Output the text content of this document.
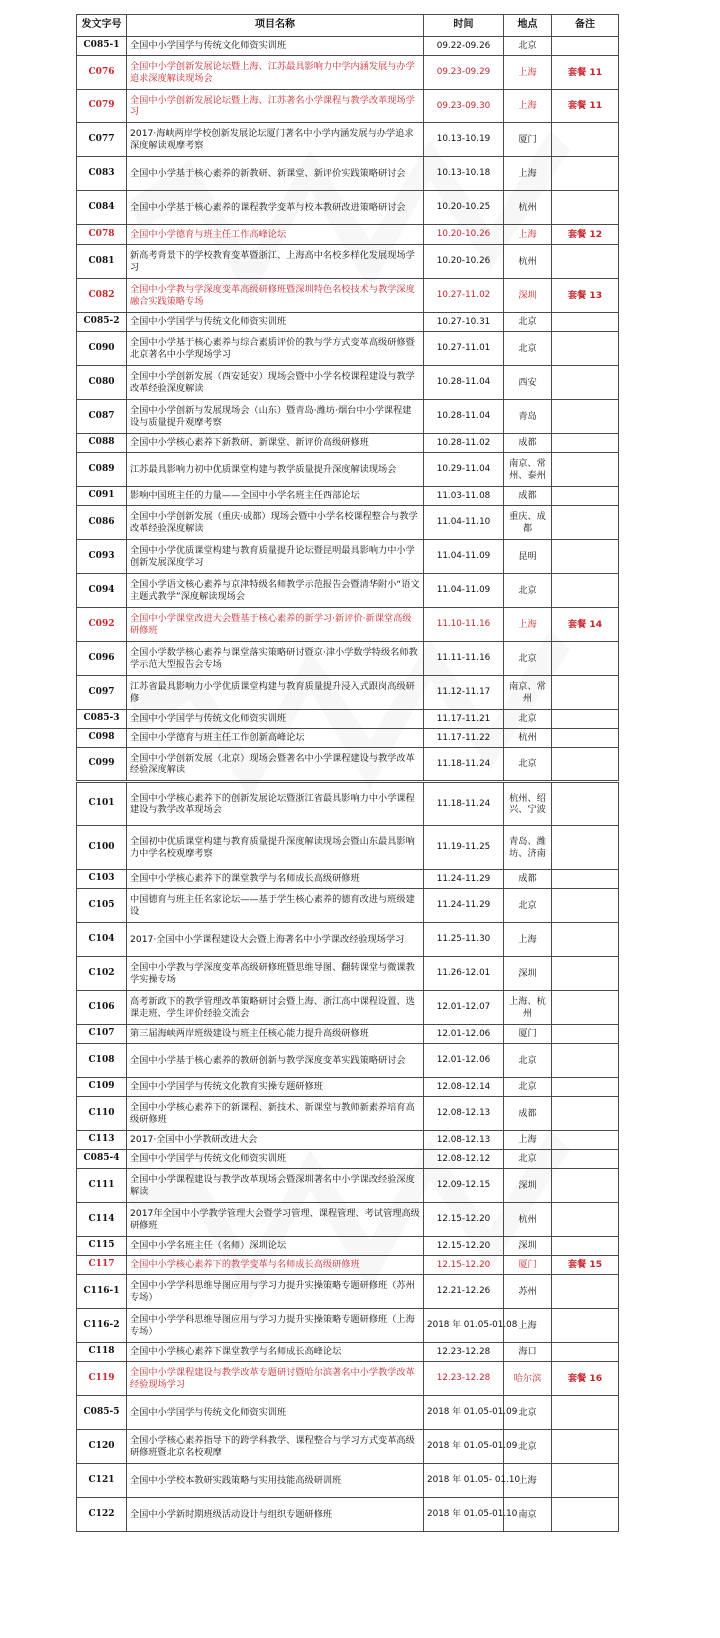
发文字号	项目名称	时间	地点	备注
C085-1	全国中小学国学与传统文化师资实训班	09.22-09.26	北京	
C076	全国中小学创新发展论坛暨上海、江苏最具影响力中学内涵发展与办学追求深度解读现场会	09.23-09.29	上海	套餐 11
C079	全国中小学创新发展论坛暨上海、江苏著名小学课程与教学改革现场学习	09.23-09.30	上海	套餐 11
C077	2017·海峡两岸学校创新发展论坛厦门著名中小学内涵发展与办学追求深度解读观摩考察	10.13-10.19	厦门	
C083	全国中小学基于核心素养的新教研、新课堂、新评价实践策略研讨会	10.13-10.18	上海	
C084	全国中小学基于核心素养的课程教学变革与校本教研改进策略研讨会	10.20-10.25	杭州	
C078	全国中小学德育与班主任工作高峰论坛	10.20-10.26	上海	套餐 12
C081	新高考背景下的学校教育变革暨浙江、上海高中名校多样化发展现场学习	10.20-10.26	杭州	
C082	全国中小学教与学深度变革高级研修班暨深圳特色名校技术与教学深度融合实践策略专场	10.27-11.02	深圳	套餐 13
C085-2	全国中小学国学与传统文化师资实训班	10.27-10.31	北京	
C090	全国中小学基于核心素养与综合素质评价的教与学方式变革高级研修暨北京著名中小学现场学习	10.27-11.01	北京	
C080	全国中小学创新发展（西安延安）现场会暨中小学名校课程建设与教学改革经验深度解读	10.28-11.04	西安	
C087	全国中小学创新与发展现场会（山东）暨青岛·潍坊·烟台中小学课程建设与质量提升观摩考察	10.28-11.04	青岛	
C088	全国中小学核心素养下新教研、新课堂、新评价高级研修班	10.28-11.02	成都	
C089	江苏最具影响力初中优质课堂构建与教学质量提升深度解读现场会	10.29-11.04	南京、常州、泰州	
C091	影响中国班主任的力量——全国中小学名班主任西部论坛	11.03-11.08	成都	
C086	全国中小学创新发展（重庆·成都）现场会暨中小学名校课程整合与教学改革经验深度解读	11.04-11.10	重庆、成都	
C093	全国中小学优质课堂构建与教育质量提升论坛暨昆明最具影响力中小学创新发展深度学习	11.04-11.09	昆明	
C094	全国小学语文核心素养与京津特级名师教学示范报告会暨清华附小“语文主题式教学”深度解读现场会	11.04-11.09	北京	
C092	全国中小学课堂改进大会暨基于核心素养的新学习·新评价·新课堂高级研修班	11.10-11.16	上海	套餐 14
C096	全国小学数学核心素养与课堂落实策略研讨暨京·津小学数学特级名师教学示范大型报告会专场	11.11-11.16	北京	
C097	江苏省最具影响力小学优质课堂构建与教育质量提升浸入式跟岗高级研修	11.12-11.17	南京、常州	
C085-3	全国中小学国学与传统文化师资实训班	11.17-11.21	北京	
C098	全国中小学德育与班主任工作创新高峰论坛	11.17-11.22	杭州	
C099	全国中小学创新发展（北京）现场会暨著名中小学课程建设与教学改革经验深度解读	11.18-11.24	北京	
C101	全国中小学核心素养下的创新发展论坛暨浙江省最具影响力中小学课程建设与教学改革现场会	11.18-11.24	杭州、绍兴、宁波	
C100	全国初中优质课堂构建与教育质量提升深度解读现场会暨山东最具影响力中学名校观摩考察	11.19-11.25	青岛、潍坊、济南	
C103	全国中小学核心素养下的课堂教学与名师成长高级研修班	11.24-11.29	成都	
C105	中国德育与班主任名家论坛——基于学生核心素养的德育改进与班级建设	11.24-11.29	北京	
C104	2017·全国中小学课程建设大会暨上海著名中小学课改经验现场学习	11.25-11.30	上海	
C102	全国中小学教与学深度变革高级研修班暨思维导图、翻转课堂与微课教学实操专场	11.26-12.01	深圳	
C106	高考新政下的教学管理改革策略研讨会暨上海、浙江高中课程设置、选课走班、学生评价经验交流会	12.01-12.07	上海、杭州	
C107	第三届海峡两岸班级建设与班主任核心能力提升高级研修班	12.01-12.06	厦门	
C108	全国中小学基于核心素养的教研创新与教学深度变革实践策略研讨会	12.01-12.06	北京	
C109	全国中小学国学与传统文化教育实操专题研修班	12.08-12.14	北京	
C110	全国中小学核心素养下的新课程、新技术、新课堂与教师新素养培育高级研修班	12.08-12.13	成都	
C113	2017·全国中小学教研改进大会	12.08-12.13	上海	
C085-4	全国中小学国学与传统文化师资实训班	12.08-12.12	北京	
C111	全国中小学课程建设与教学改革现场会暨深圳著名中小学课改经验深度解读	12.09-12.15	深圳	
C114	2017年全国中小学教学管理大会暨学习管理、课程管理、考试管理高级研修班	12.15-12.20	杭州	
C115	全国中小学名班主任（名师）深圳论坛	12.15-12.20	深圳	
C117	全国中小学核心素养下的教学变革与名师成长高级研修班	12.15-12.20	厦门	套餐 15
C116-1	全国中小学学科思维导图应用与学习力提升实操策略专题研修班（苏州专场）	12.21-12.26	苏州	
C116-2	全国中小学学科思维导图应用与学习力提升实操策略专题研修班（上海专场）	2018 年 01.05-01.08	上海	
C118	全国中小学核心素养下课堂教学与名师成长高峰论坛	12.23-12.28	海口	
C119	全国中小学课程建设与教学改革专题研讨暨哈尔滨著名中小学教学改革经验现场学习	12.23-12.28	哈尔滨	套餐 16
C085-5	全国中小学国学与传统文化师资实训班	2018 年 01.05-01.09	北京	
C120	全国小学核心素养指导下的跨学科教学、课程整合与学习方式变革高级研修班暨北京名校观摩	2018 年 01.05-01.09	北京	
C121	全国中小学校本教研实践策略与实用技能高级研训班	2018 年 01.05- 01.10	上海	
C122	全国中小学新时期班级活动设计与组织专题研修班	2018 年 01.05-01.10	南京	
